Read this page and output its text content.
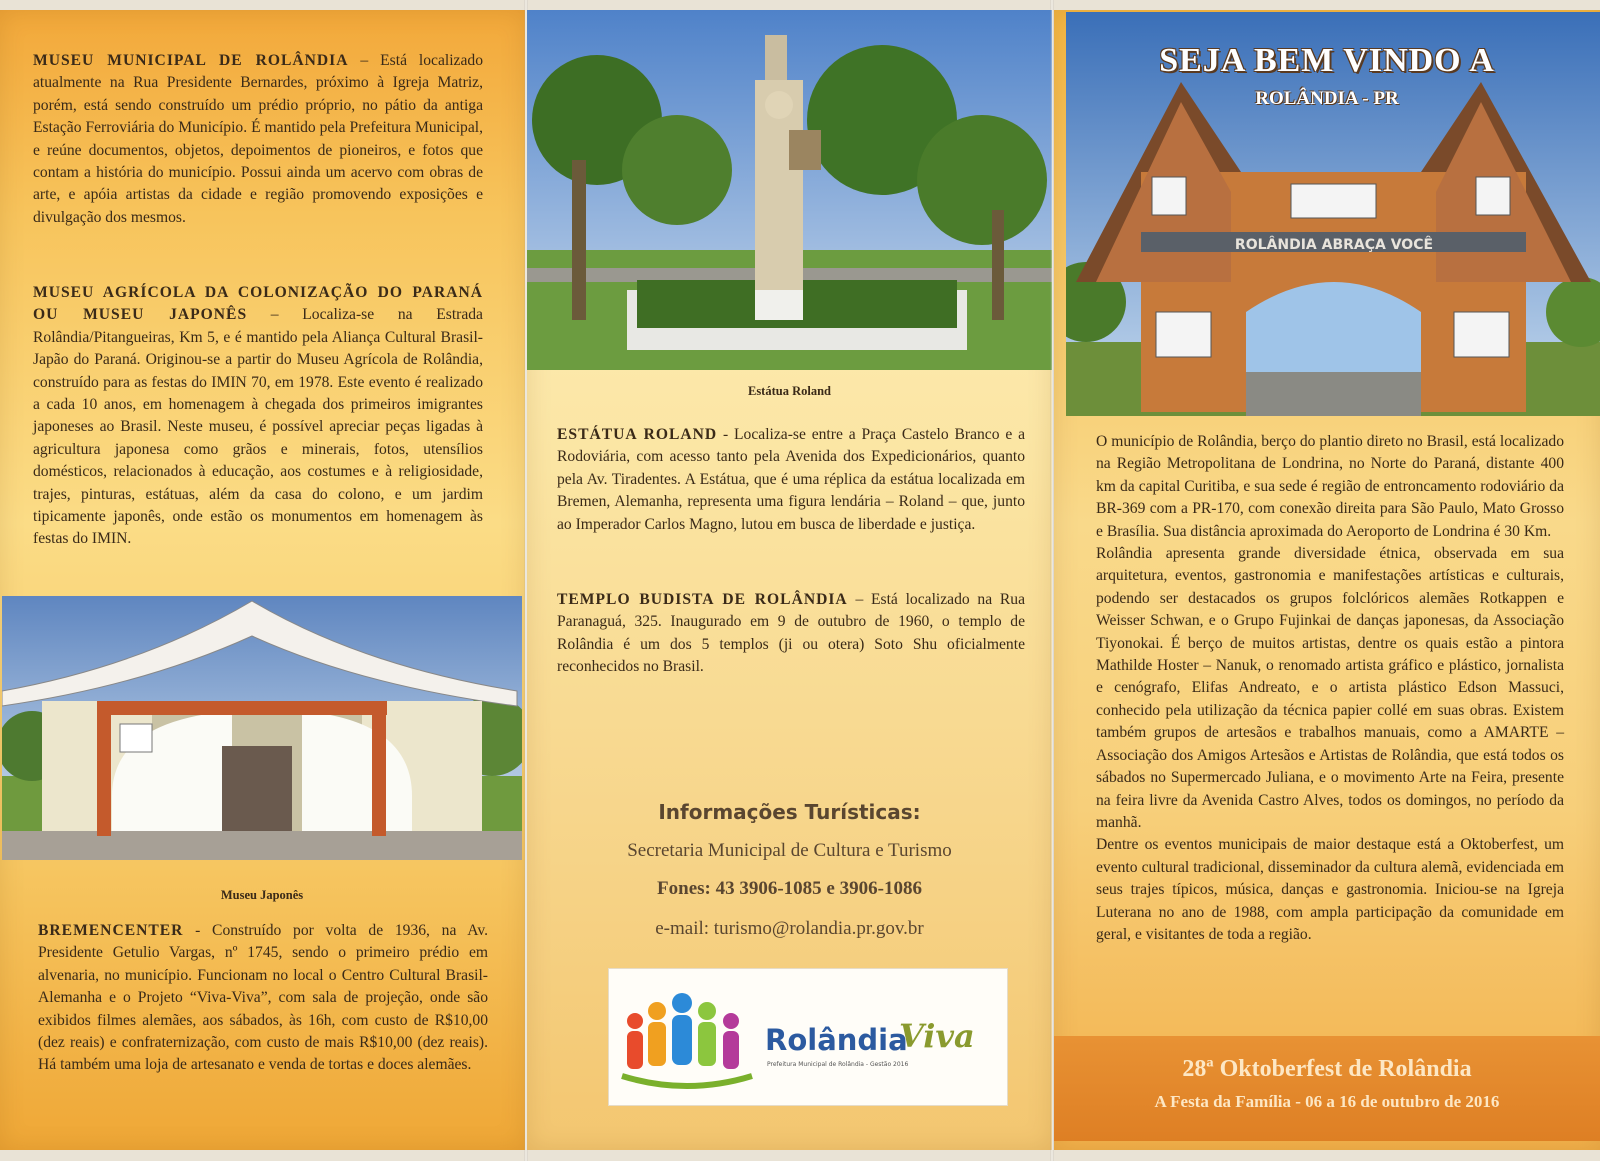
MUSEU MUNICIPAL DE ROLÂNDIA – Está localizado atualmente na Rua Presidente Bernardes, próximo à Igreja Matriz, porém, está sendo construído um prédio próprio, no pátio da antiga Estação Ferroviária do Município. É mantido pela Prefeitura Municipal, e reúne documentos, objetos, depoimentos de pioneiros, e fotos que contam a história do município. Possui ainda um acervo com obras de arte, e apóia artistas da cidade e região promovendo exposições e divulgação dos mesmos.

MUSEU AGRÍCOLA DA COLONIZAÇÃO DO PARANÁ OU MUSEU JAPONÊS – Localiza-se na Estrada Rolândia/Pitangueiras, Km 5, e é mantido pela Aliança Cultural Brasil-Japão do Paraná. Originou-se a partir do Museu Agrícola de Rolândia, construído para as festas do IMIN 70, em 1978. Este evento é realizado a cada 10 anos, em homenagem à chegada dos primeiros imigrantes japoneses ao Brasil. Neste museu, é possível apreciar peças ligadas à agricultura japonesa como grãos e minerais, fotos, utensílios domésticos, relacionados à educação, aos costumes e à religiosidade, trajes, pinturas, estátuas, além da casa do colono, e um jardim tipicamente japonês, onde estão os monumentos em homenagem às festas do IMIN.

Museu Japonês

BREMENCENTER - Construído por volta de 1936, na Av. Presidente Getulio Vargas, nº 1745, sendo o primeiro prédio em alvenaria, no município. Funcionam no local o Centro Cultural Brasil-Alemanha e o Projeto “Viva-Viva”, com sala de projeção, onde são exibidos filmes alemães, aos sábados, às 16h, com custo de R$10,00 (dez reais) e confraternização, com custo de mais R$10,00 (dez reais). Há também uma loja de artesanato e venda de tortas e doces alemães.

Estátua Roland

ESTÁTUA ROLAND - Localiza-se entre a Praça Castelo Branco e a Rodoviária, com acesso tanto pela Avenida dos Expedicionários, quanto pela Av. Tiradentes. A Estátua, que é uma réplica da estátua localizada em Bremen, Alemanha, representa uma figura lendária – Roland – que, junto ao Imperador Carlos Magno, lutou em busca de liberdade e justiça.

TEMPLO BUDISTA DE ROLÂNDIA – Está localizado na Rua Paranaguá, 325. Inaugurado em 9 de outubro de 1960, o templo de Rolândia é um dos 5 templos (ji ou otera) Soto Shu oficialmente reconhecidos no Brasil.

Informações Turísticas:
Secretaria Municipal de Cultura e Turismo
Fones: 43 3906-1085 e 3906-1086
e-mail: turismo@rolandia.pr.gov.br
Rolândia
Viva
Prefeitura Municipal de Rolândia - Gestão 2016
ROLÂNDIA ABRAÇA VOCÊ
SEJA BEM VINDO A
ROLÂNDIA - PR

O município de Rolândia, berço do plantio direto no Brasil, está localizado na Região Metropolitana de Londrina, no Norte do Paraná, distante 400 km da capital Curitiba, e sua sede é região de entroncamento rodoviário da BR-369 com a PR-170, com conexão direita para São Paulo, Mato Grosso e Brasília. Sua distância aproximada do Aeroporto de Londrina é 30 Km.

Rolândia apresenta grande diversidade étnica, observada em sua arquitetura, eventos, gastronomia e manifestações artísticas e culturais, podendo ser destacados os grupos folclóricos alemães Rotkappen e Weisser Schwan, e o Grupo Fujinkai de danças japonesas, da Associação Tiyonokai. É berço de muitos artistas, dentre os quais estão a pintora Mathilde Hoster – Nanuk, o renomado artista gráfico e plástico, jornalista e cenógrafo, Elifas Andreato, e o artista plástico Edson Massuci, conhecido pela utilização da técnica papier collé em suas obras. Existem também grupos de artesãos e trabalhos manuais, como a AMARTE – Associação dos Amigos Artesãos e Artistas de Rolândia, que está todos os sábados no Supermercado Juliana, e o movimento Arte na Feira, presente na feira livre da Avenida Castro Alves, todos os domingos, no período da manhã.

Dentre os eventos municipais de maior destaque está a Oktoberfest, um evento cultural tradicional, disseminador da cultura alemã, evidenciada em seus trajes típicos, música, danças e gastronomia. Iniciou-se na Igreja Luterana no ano de 1988, com ampla participação da comunidade em geral, e visitantes de toda a região.

28ª Oktoberfest de Rolândia
A Festa da Família - 06 a 16 de outubro de 2016
